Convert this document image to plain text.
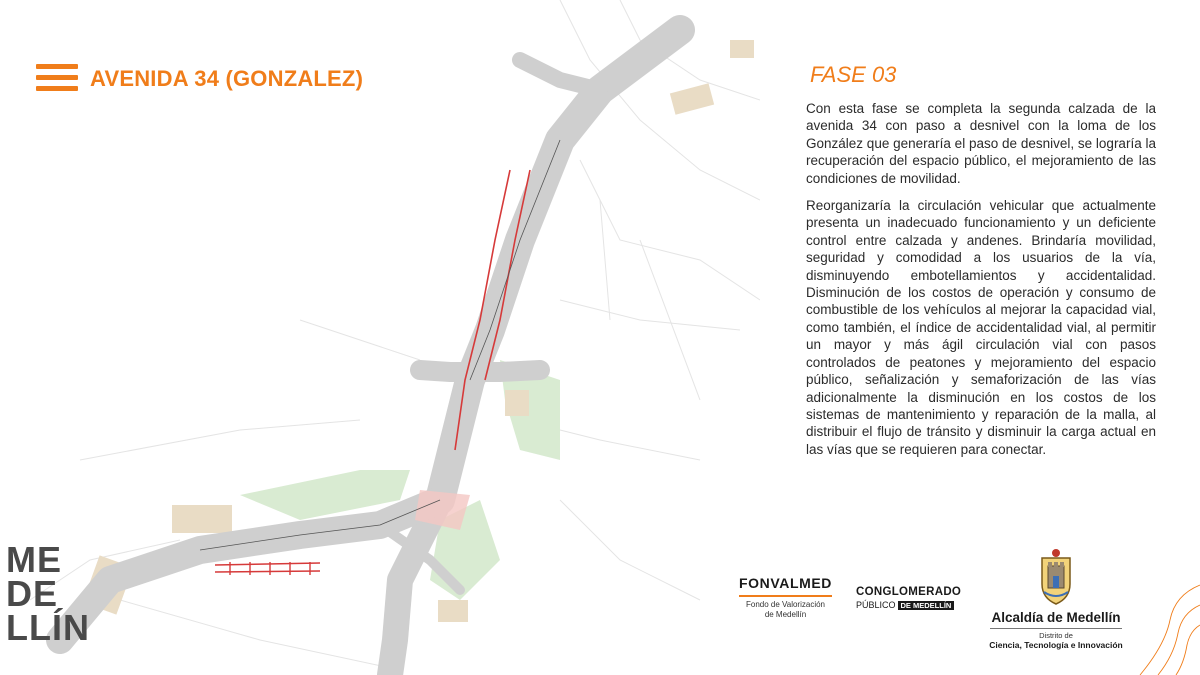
AVENIDA 34 (GONZALEZ)	FASE 03

Con esta fase se completa la segunda calzada de la avenida 34 con paso a desnivel con la loma de los González que generaría el paso de desnivel, se lograría la recuperación del espacio público, el mejoramiento de las condiciones de movilidad.

Reorganizaría la circulación vehicular que actualmente presenta un inadecuado funcionamiento y un deficiente control entre calzada y andenes. Brindaría movilidad, seguridad y comodidad a los usuarios de la vía, disminuyendo embotellamientos y accidentalidad. Disminución de los costos de operación y consumo de combustible de los vehículos al mejorar la capacidad vial, como también, el índice de accidentalidad vial, al permitir un mayor y más ágil circulación vial con pasos controlados de peatones y mejoramiento del espacio público, señalización y semaforización de las vías adicionalmente la disminución en los costos de los sistemas de mantenimiento y reparación de la malla, al distribuir el flujo de tránsito y disminuir la carga actual en las vías que se requieren para conectar.

FONVALMED
Fondo de Valorización
de Medellín
CONGLOMERADO
PÚBLICO DE MEDELLÍN
Alcaldía de Medellín
Distrito de
Ciencia, Tecnología e Innovación
ME
DE
LLÍN
